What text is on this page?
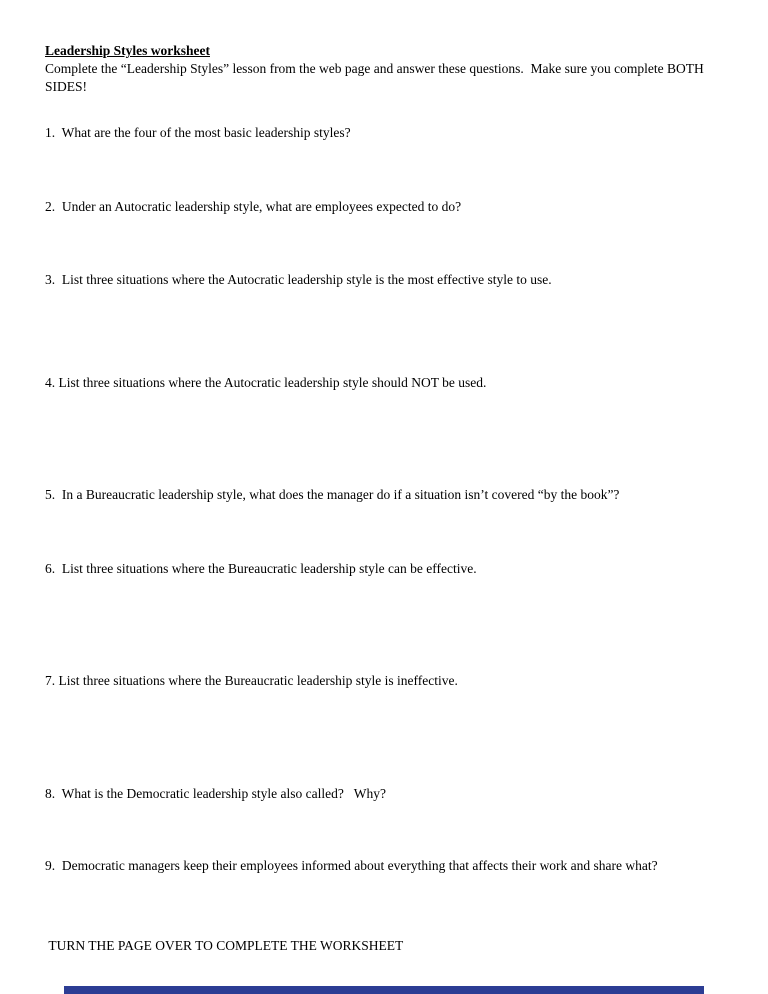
Leadership Styles worksheet

Complete the “Leadership Styles” lesson from the web page and answer these questions.  Make sure you complete BOTH SIDES!

1.  What are the four of the most basic leadership styles?
2.  Under an Autocratic leadership style, what are employees expected to do?
3.  List three situations where the Autocratic leadership style is the most effective style to use.
4. List three situations where the Autocratic leadership style should NOT be used.
5.  In a Bureaucratic leadership style, what does the manager do if a situation isn’t covered “by the book”?
6.  List three situations where the Bureaucratic leadership style can be effective.
7. List three situations where the Bureaucratic leadership style is ineffective.
8.  What is the Democratic leadership style also called?   Why?
9.  Democratic managers keep their employees informed about everything that affects their work and share what?
TURN THE PAGE OVER TO COMPLETE THE WORKSHEET
